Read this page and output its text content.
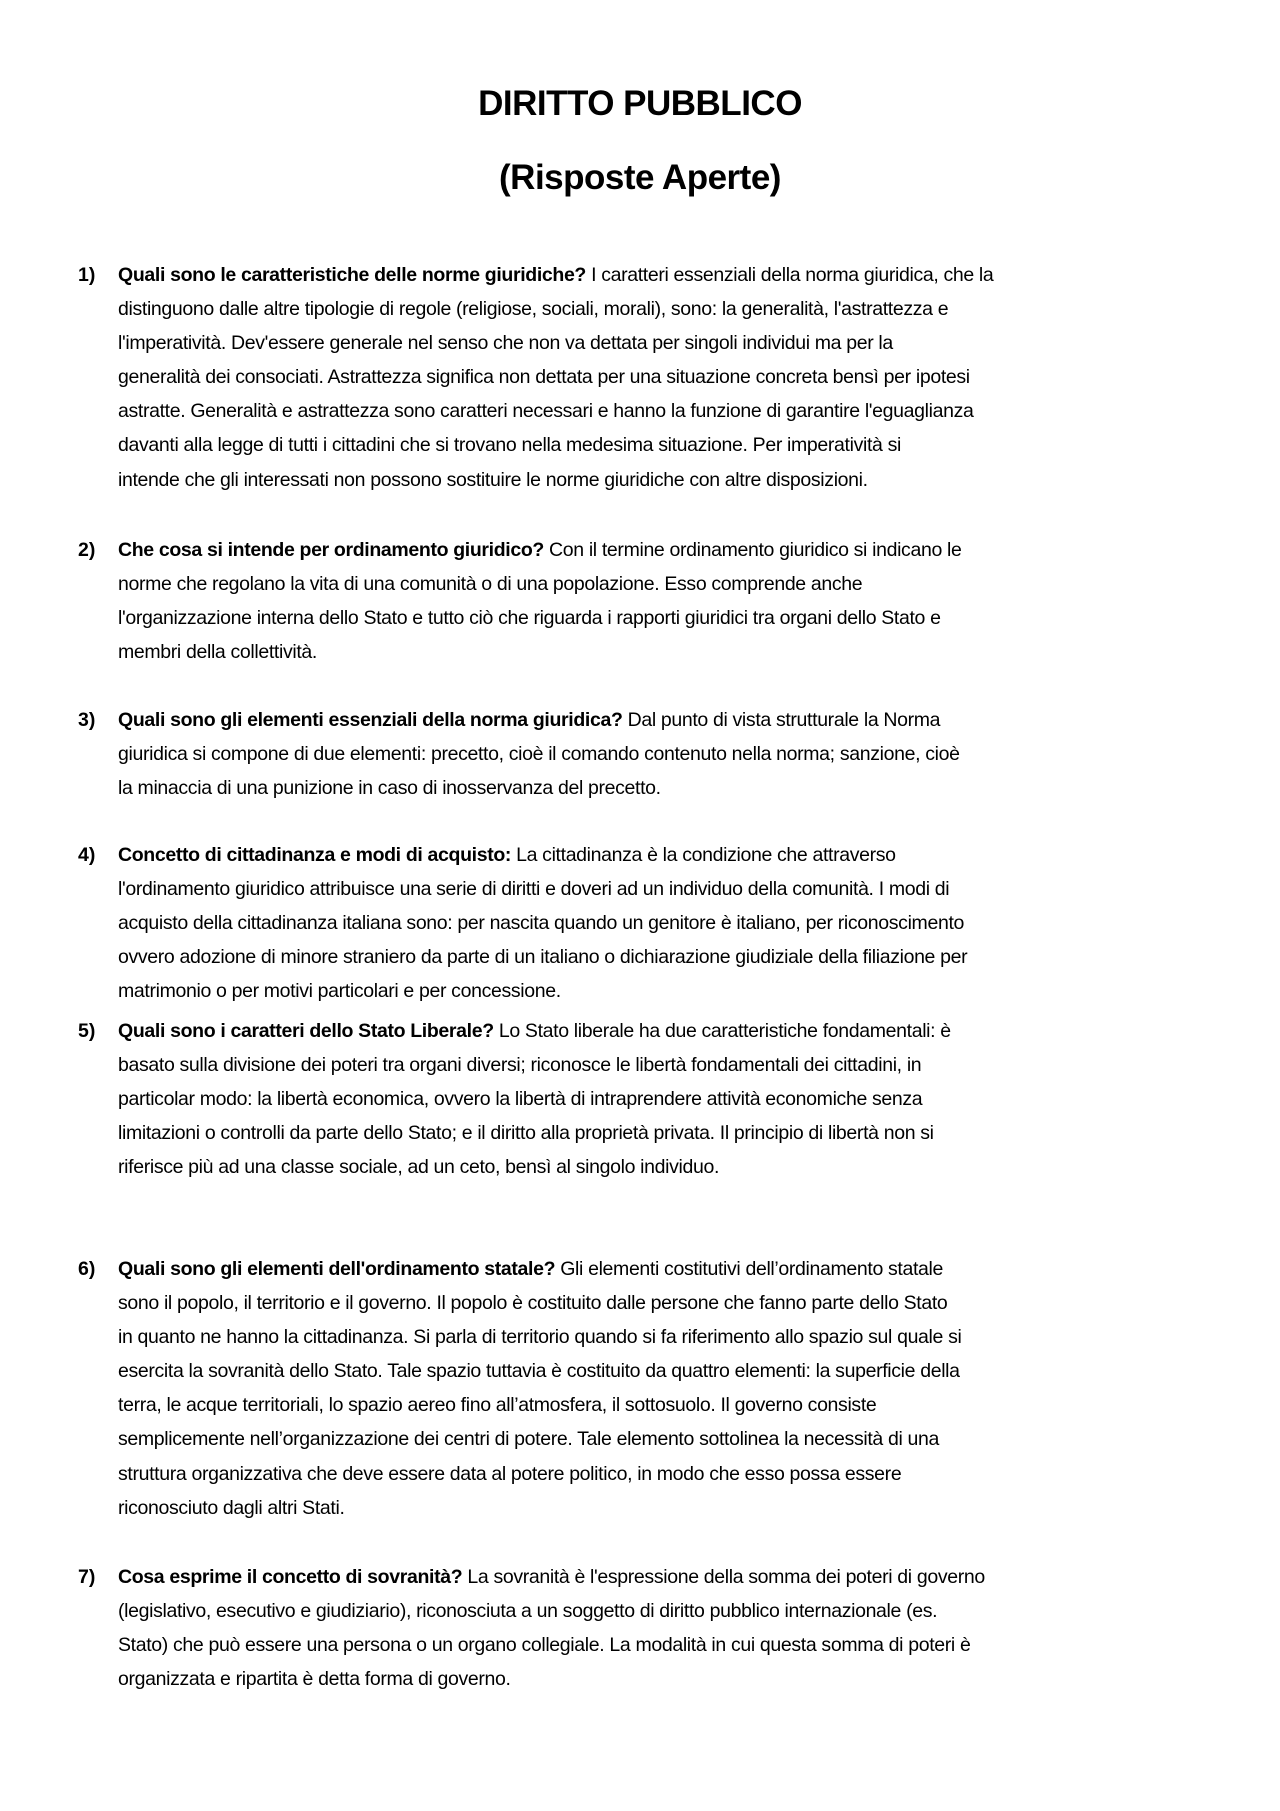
DIRITTO PUBBLICO
(Risposte Aperte)
1) Quali sono le caratteristiche delle norme giuridiche? I caratteri essenziali della norma giuridica, che la
distinguono dalle altre tipologie di regole (religiose, sociali, morali), sono: la generalità, l'astrattezza e
l'imperatività. Dev'essere generale nel senso che non va dettata per singoli individui ma per la
generalità dei consociati. Astrattezza significa non dettata per una situazione concreta bensì per ipotesi
astratte. Generalità e astrattezza sono caratteri necessari e hanno la funzione di garantire l'eguaglianza
davanti alla legge di tutti i cittadini che si trovano nella medesima situazione. Per imperatività si
intende che gli interessati non possono sostituire le norme giuridiche con altre disposizioni.
2) Che cosa si intende per ordinamento giuridico? Con il termine ordinamento giuridico si indicano le
norme che regolano la vita di una comunità o di una popolazione. Esso comprende anche
l'organizzazione interna dello Stato e tutto ciò che riguarda i rapporti giuridici tra organi dello Stato e
membri della collettività.
3) Quali sono gli elementi essenziali della norma giuridica? Dal punto di vista strutturale la Norma
giuridica si compone di due elementi: precetto, cioè il comando contenuto nella norma; sanzione, cioè
la minaccia di una punizione in caso di inosservanza del precetto.
4) Concetto di cittadinanza e modi di acquisto: La cittadinanza è la condizione che attraverso
l'ordinamento giuridico attribuisce una serie di diritti e doveri ad un individuo della comunità. I modi di
acquisto della cittadinanza italiana sono: per nascita quando un genitore è italiano, per riconoscimento
ovvero adozione di minore straniero da parte di un italiano o dichiarazione giudiziale della filiazione per
matrimonio o per motivi particolari e per concessione.
5) Quali sono i caratteri dello Stato Liberale? Lo Stato liberale ha due caratteristiche fondamentali: è
basato sulla divisione dei poteri tra organi diversi; riconosce le libertà fondamentali dei cittadini, in
particolar modo: la libertà economica, ovvero la libertà di intraprendere attività economiche senza
limitazioni o controlli da parte dello Stato; e il diritto alla proprietà privata. Il principio di libertà non si
riferisce più ad una classe sociale, ad un ceto, bensì al singolo individuo.
6) Quali sono gli elementi dell'ordinamento statale? Gli elementi costitutivi dell’ordinamento statale
sono il popolo, il territorio e il governo. Il popolo è costituito dalle persone che fanno parte dello Stato
in quanto ne hanno la cittadinanza. Si parla di territorio quando si fa riferimento allo spazio sul quale si
esercita la sovranità dello Stato. Tale spazio tuttavia è costituito da quattro elementi: la superficie della
terra, le acque territoriali, lo spazio aereo fino all’atmosfera, il sottosuolo. Il governo consiste
semplicemente nell’organizzazione dei centri di potere. Tale elemento sottolinea la necessità di una
struttura organizzativa che deve essere data al potere politico, in modo che esso possa essere
riconosciuto dagli altri Stati.
7) Cosa esprime il concetto di sovranità? La sovranità è l'espressione della somma dei poteri di governo
(legislativo, esecutivo e giudiziario), riconosciuta a un soggetto di diritto pubblico internazionale (es.
Stato) che può essere una persona o un organo collegiale. La modalità in cui questa somma di poteri è
organizzata e ripartita è detta forma di governo.
